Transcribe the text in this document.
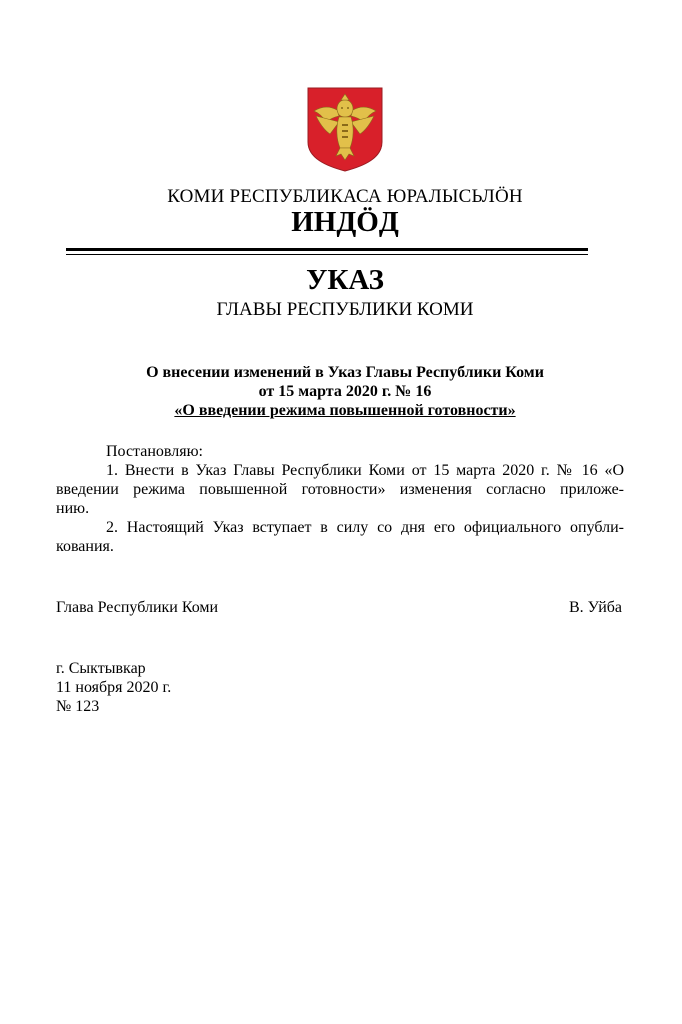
КОМИ РЕСПУБЛИКАСА ЮРАЛЫСЬЛÖН
ИНДÖД
УКАЗ
ГЛАВЫ РЕСПУБЛИКИ КОМИ
О внесении изменений в Указ Главы Республики Коми
от 15 марта 2020 г. № 16
«О введении режима повышенной готовности»
Постановляю:
1. Внести в Указ Главы Республики Коми от 15 марта 2020 г. № 16 «О
введении режима повышенной готовности» изменения согласно приложе-
нию.
2. Настоящий Указ вступает в силу со дня его официального опубли-
кования.
Глава Республики Коми	В. Уйба
г. Сыктывкар
11 ноября 2020 г.
№ 123
